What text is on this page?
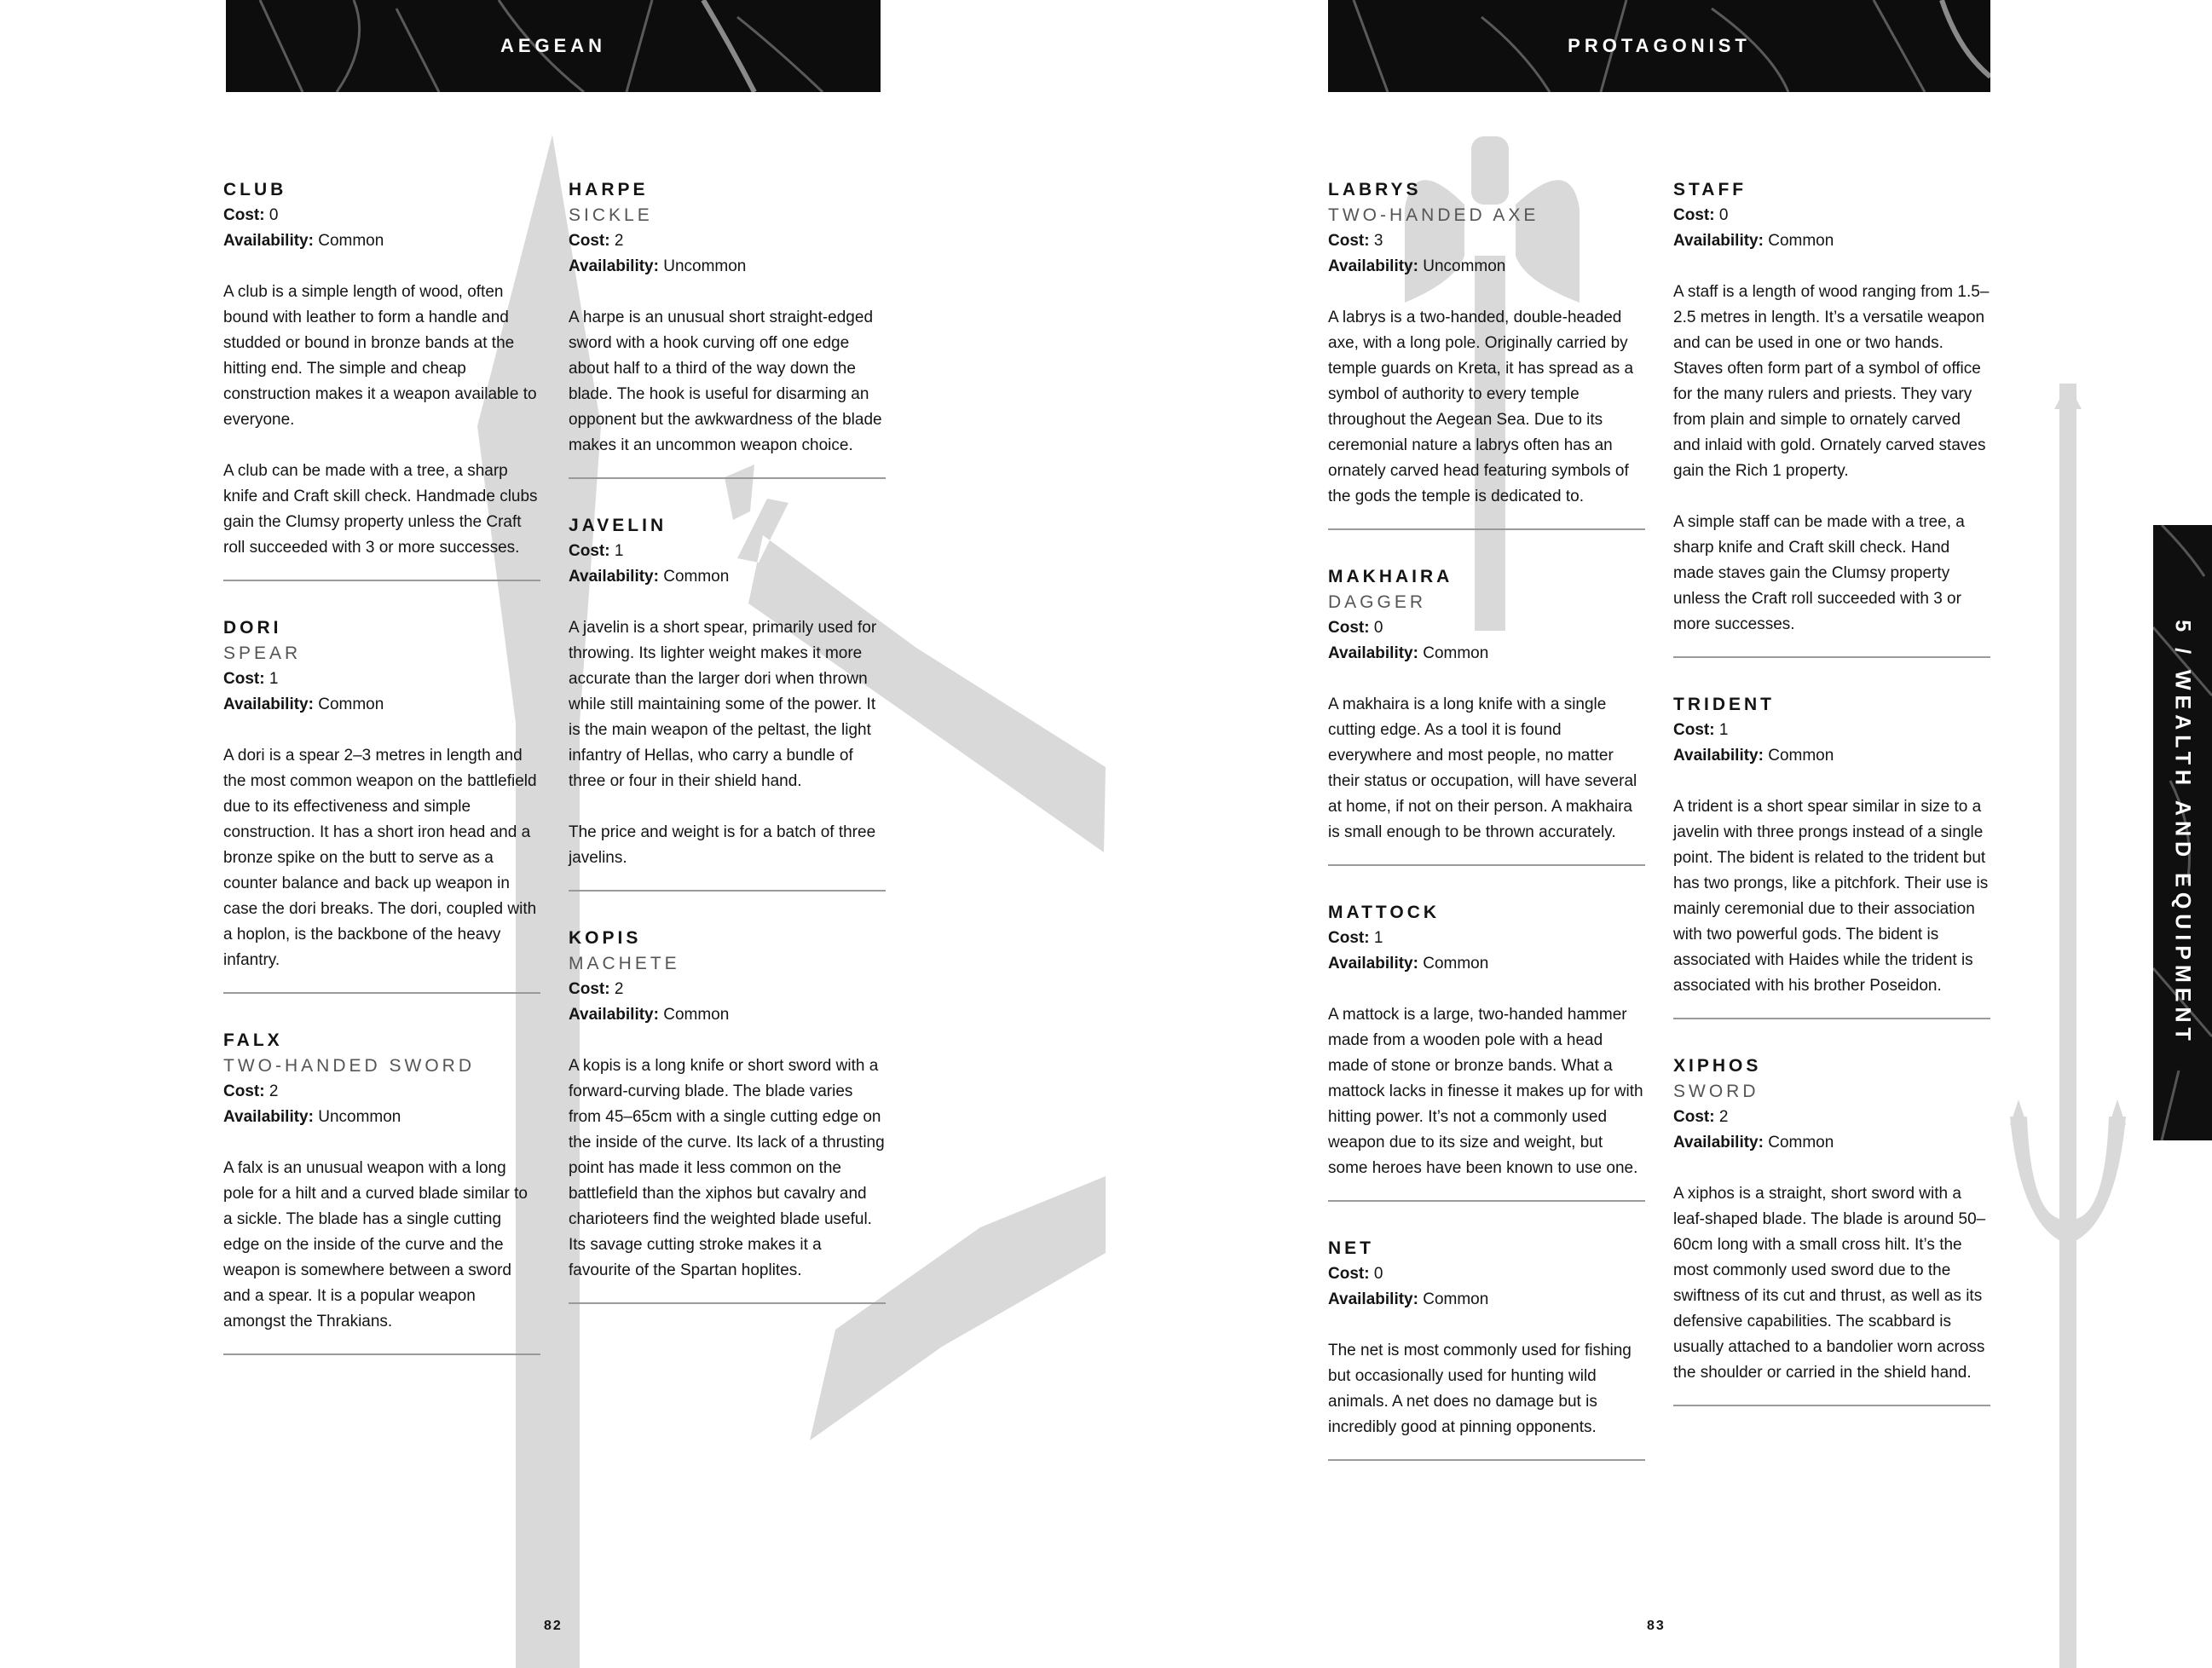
AEGEAN
CLUB
Cost: 0
Availability: Common
A club is a simple length of wood, often bound with leather to form a handle and studded or bound in bronze bands at the hitting end. The simple and cheap construction makes it a weapon available to everyone.
A club can be made with a tree, a sharp knife and Craft skill check. Handmade clubs gain the Clumsy property unless the Craft roll succeeded with 3 or more successes.
DORI
SPEAR
Cost: 1
Availability: Common
A dori is a spear 2–3 metres in length and the most common weapon on the battlefield due to its effectiveness and simple construction. It has a short iron head and a bronze spike on the butt to serve as a counter balance and back up weapon in case the dori breaks. The dori, coupled with a hoplon, is the backbone of the heavy infantry.
FALX
TWO-HANDED SWORD
Cost: 2
Availability: Uncommon
A falx is an unusual weapon with a long pole for a hilt and a curved blade similar to a sickle. The blade has a single cutting edge on the inside of the curve and the weapon is somewhere between a sword and a spear. It is a popular weapon amongst the Thrakians.
HARPE
SICKLE
Cost: 2
Availability: Uncommon
A harpe is an unusual short straight-edged sword with a hook curving off one edge about half to a third of the way down the blade. The hook is useful for disarming an opponent but the awkwardness of the blade makes it an uncommon weapon choice.
JAVELIN
Cost: 1
Availability: Common
A javelin is a short spear, primarily used for throwing. Its lighter weight makes it more accurate than the larger dori when thrown while still maintaining some of the power. It is the main weapon of the peltast, the light infantry of Hellas, who carry a bundle of three or four in their shield hand.
The price and weight is for a batch of three javelins.
KOPIS
MACHETE
Cost: 2
Availability: Common
A kopis is a long knife or short sword with a forward-curving blade. The blade varies from 45–65cm with a single cutting edge on the inside of the curve. Its lack of a thrusting point has made it less common on the battlefield than the xiphos but cavalry and charioteers find the weighted blade useful. Its savage cutting stroke makes it a favourite of the Spartan hoplites.
82
PROTAGONIST
LABRYS
TWO-HANDED AXE
Cost: 3
Availability: Uncommon
A labrys is a two-handed, double-headed axe, with a long pole. Originally carried by temple guards on Kreta, it has spread as a symbol of authority to every temple throughout the Aegean Sea. Due to its ceremonial nature a labrys often has an ornately carved head featuring symbols of the gods the temple is dedicated to.
MAKHAIRA
DAGGER
Cost: 0
Availability: Common
A makhaira is a long knife with a single cutting edge. As a tool it is found everywhere and most people, no matter their status or occupation, will have several at home, if not on their person. A makhaira is small enough to be thrown accurately.
MATTOCK
Cost: 1
Availability: Common
A mattock is a large, two-handed hammer made from a wooden pole with a head made of stone or bronze bands. What a mattock lacks in finesse it makes up for with hitting power. It’s not a commonly used weapon due to its size and weight, but some heroes have been known to use one.
NET
Cost: 0
Availability: Common
The net is most commonly used for fishing but occasionally used for hunting wild animals. A net does no damage but is incredibly good at pinning opponents.
STAFF
Cost: 0
Availability: Common
A staff is a length of wood ranging from 1.5–2.5 metres in length. It’s a versatile weapon and can be used in one or two hands. Staves often form part of a symbol of office for the many rulers and priests. They vary from plain and simple to ornately carved and inlaid with gold. Ornately carved staves gain the Rich 1 property.
A simple staff can be made with a tree, a sharp knife and Craft skill check. Hand made staves gain the Clumsy property unless the Craft roll succeeded with 3 or more successes.
TRIDENT
Cost: 1
Availability: Common
A trident is a short spear similar in size to a javelin with three prongs instead of a single point. The bident is related to the trident but has two prongs, like a pitchfork. Their use is mainly ceremonial due to their association with two powerful gods. The bident is associated with Haides while the trident is associated with his brother Poseidon.
XIPHOS
SWORD
Cost: 2
Availability: Common
A xiphos is a straight, short sword with a leaf-shaped blade. The blade is around 50–60cm long with a small cross hilt. It’s the most commonly used sword due to the swiftness of its cut and thrust, as well as its defensive capabilities. The scabbard is usually attached to a bandolier worn across the shoulder or carried in the shield hand.
83
5 / WEALTH AND EQUIPMENT
